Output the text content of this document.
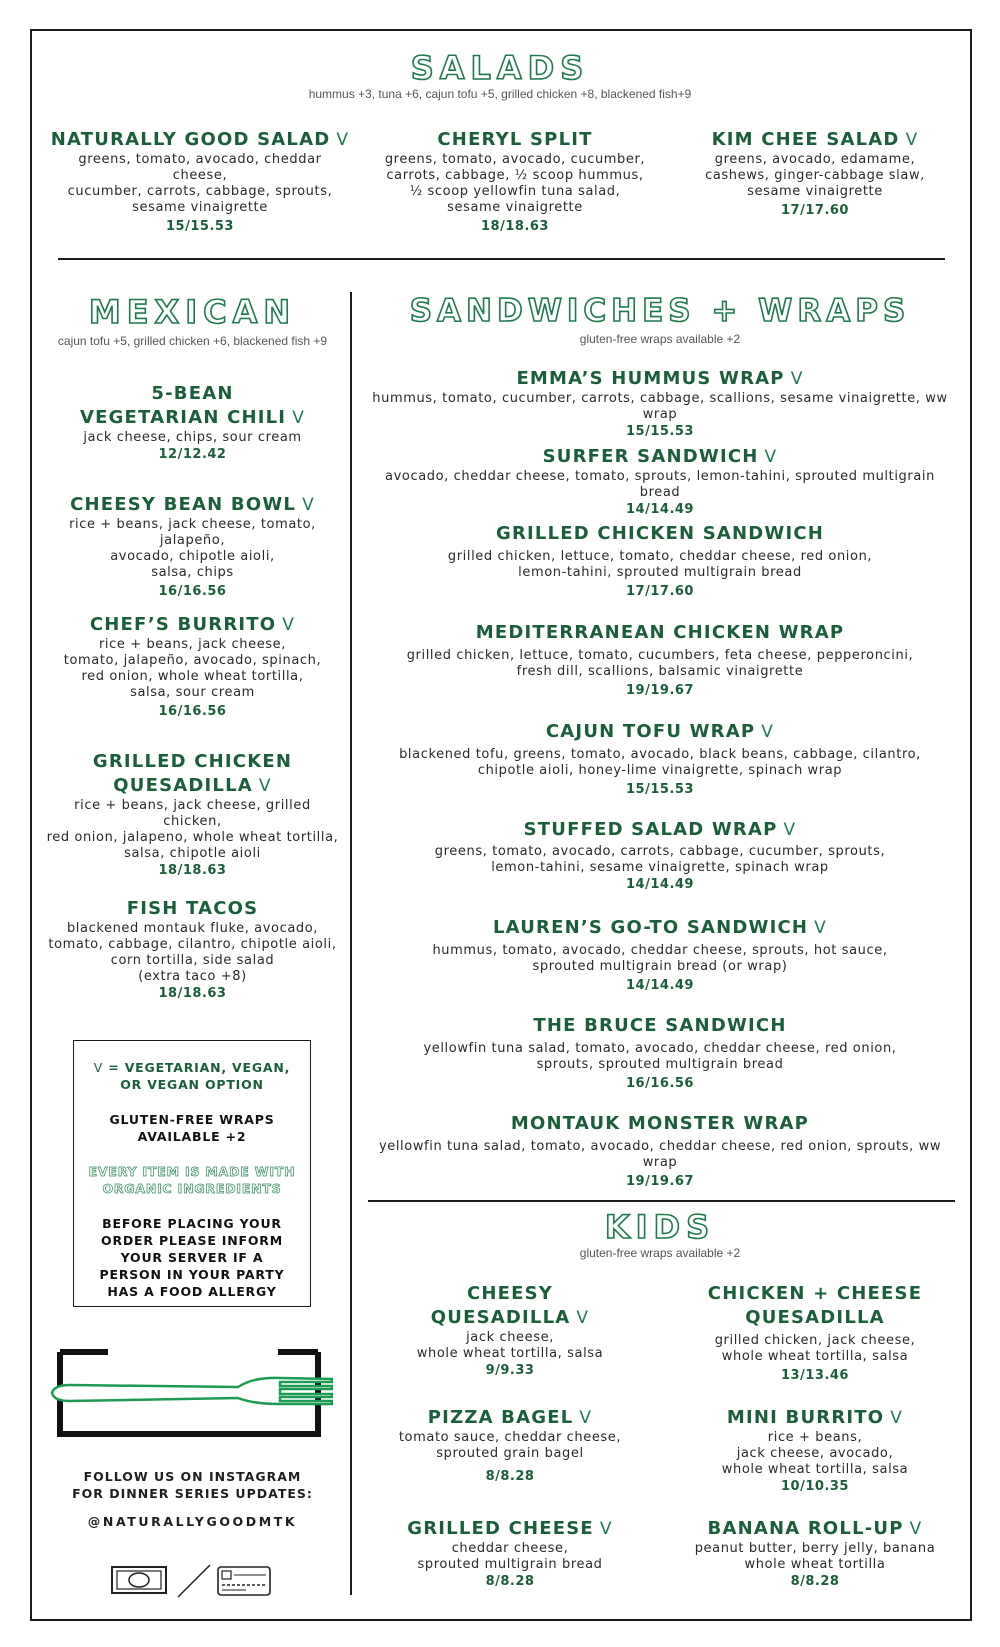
SALADS
hummus +3, tuna +6, cajun tofu +5, grilled chicken +8, blackened fish+9
NATURALLY GOOD SALAD V
greens, tomato, avocado, cheddar cheese,
cucumber, carrots, cabbage, sprouts,
sesame vinaigrette
15/15.53
CHERYL SPLIT
greens, tomato, avocado, cucumber,
carrots, cabbage, ½ scoop hummus,
½ scoop yellowfin tuna salad,
sesame vinaigrette
18/18.63
KIM CHEE SALAD V
greens, avocado, edamame,
cashews, ginger-cabbage slaw,
sesame vinaigrette
17/17.60
MEXICAN
cajun tofu +5, grilled chicken +6, blackened fish +9
5-BEAN
VEGETARIAN CHILI V
jack cheese, chips, sour cream
12/12.42
CHEESY BEAN BOWL V
rice + beans, jack cheese, tomato, jalapeño,
avocado, chipotle aioli,
salsa, chips
16/16.56
CHEF’S BURRITO V
rice + beans, jack cheese,
tomato, jalapeño, avocado, spinach,
red onion, whole wheat tortilla,
salsa, sour cream
16/16.56
GRILLED CHICKEN
QUESADILLA V
rice + beans, jack cheese, grilled chicken,
red onion, jalapeno, whole wheat tortilla,
salsa, chipotle aioli
18/18.63
FISH TACOS
blackened montauk fluke, avocado,
tomato, cabbage, cilantro, chipotle aioli,
corn tortilla, side salad
(extra taco +8)
18/18.63

V = VEGETARIAN, VEGAN,
OR VEGAN OPTION

GLUTEN-FREE WRAPS
AVAILABLE +2

EVERY ITEM IS MADE WITH
ORGANIC INGREDIENTS

BEFORE PLACING YOUR
ORDER PLEASE INFORM
YOUR SERVER IF A
PERSON IN YOUR PARTY
HAS A FOOD ALLERGY

FOLLOW US ON INSTAGRAM
FOR DINNER SERIES UPDATES:
@NATURALLYGOODMTK
SANDWICHES + WRAPS
gluten-free wraps available +2
EMMA’S HUMMUS WRAP V
hummus, tomato, cucumber, carrots, cabbage, scallions, sesame vinaigrette, ww wrap
15/15.53
SURFER SANDWICH V
avocado, cheddar cheese, tomato, sprouts, lemon-tahini, sprouted multigrain bread
14/14.49
GRILLED CHICKEN SANDWICH
grilled chicken, lettuce, tomato, cheddar cheese, red onion,
lemon-tahini, sprouted multigrain bread
17/17.60
MEDITERRANEAN CHICKEN WRAP
grilled chicken, lettuce, tomato, cucumbers, feta cheese, pepperoncini,
fresh dill, scallions, balsamic vinaigrette
19/19.67
CAJUN TOFU WRAP V
blackened tofu, greens, tomato, avocado, black beans, cabbage, cilantro,
chipotle aioli, honey-lime vinaigrette, spinach wrap
15/15.53
STUFFED SALAD WRAP V
greens, tomato, avocado, carrots, cabbage, cucumber, sprouts,
lemon-tahini, sesame vinaigrette, spinach wrap
14/14.49
LAUREN’S GO-TO SANDWICH V
hummus, tomato, avocado, cheddar cheese, sprouts, hot sauce,
sprouted multigrain bread (or wrap)
14/14.49
THE BRUCE SANDWICH
yellowfin tuna salad, tomato, avocado, cheddar cheese, red onion,
sprouts, sprouted multigrain bread
16/16.56
MONTAUK MONSTER WRAP
yellowfin tuna salad, tomato, avocado, cheddar cheese, red onion, sprouts, ww wrap
19/19.67
KIDS
gluten-free wraps available +2
CHEESY
QUESADILLA V
jack cheese,
whole wheat tortilla, salsa
9/9.33
CHICKEN + CHEESE
QUESADILLA
grilled chicken, jack cheese,
whole wheat tortilla, salsa
13/13.46
PIZZA BAGEL V
tomato sauce, cheddar cheese,
sprouted grain bagel
8/8.28
MINI BURRITO V
rice + beans,
jack cheese, avocado,
whole wheat tortilla, salsa
10/10.35
GRILLED CHEESE V
cheddar cheese,
sprouted multigrain bread
8/8.28
BANANA ROLL-UP V
peanut butter, berry jelly, banana
whole wheat tortilla
8/8.28
